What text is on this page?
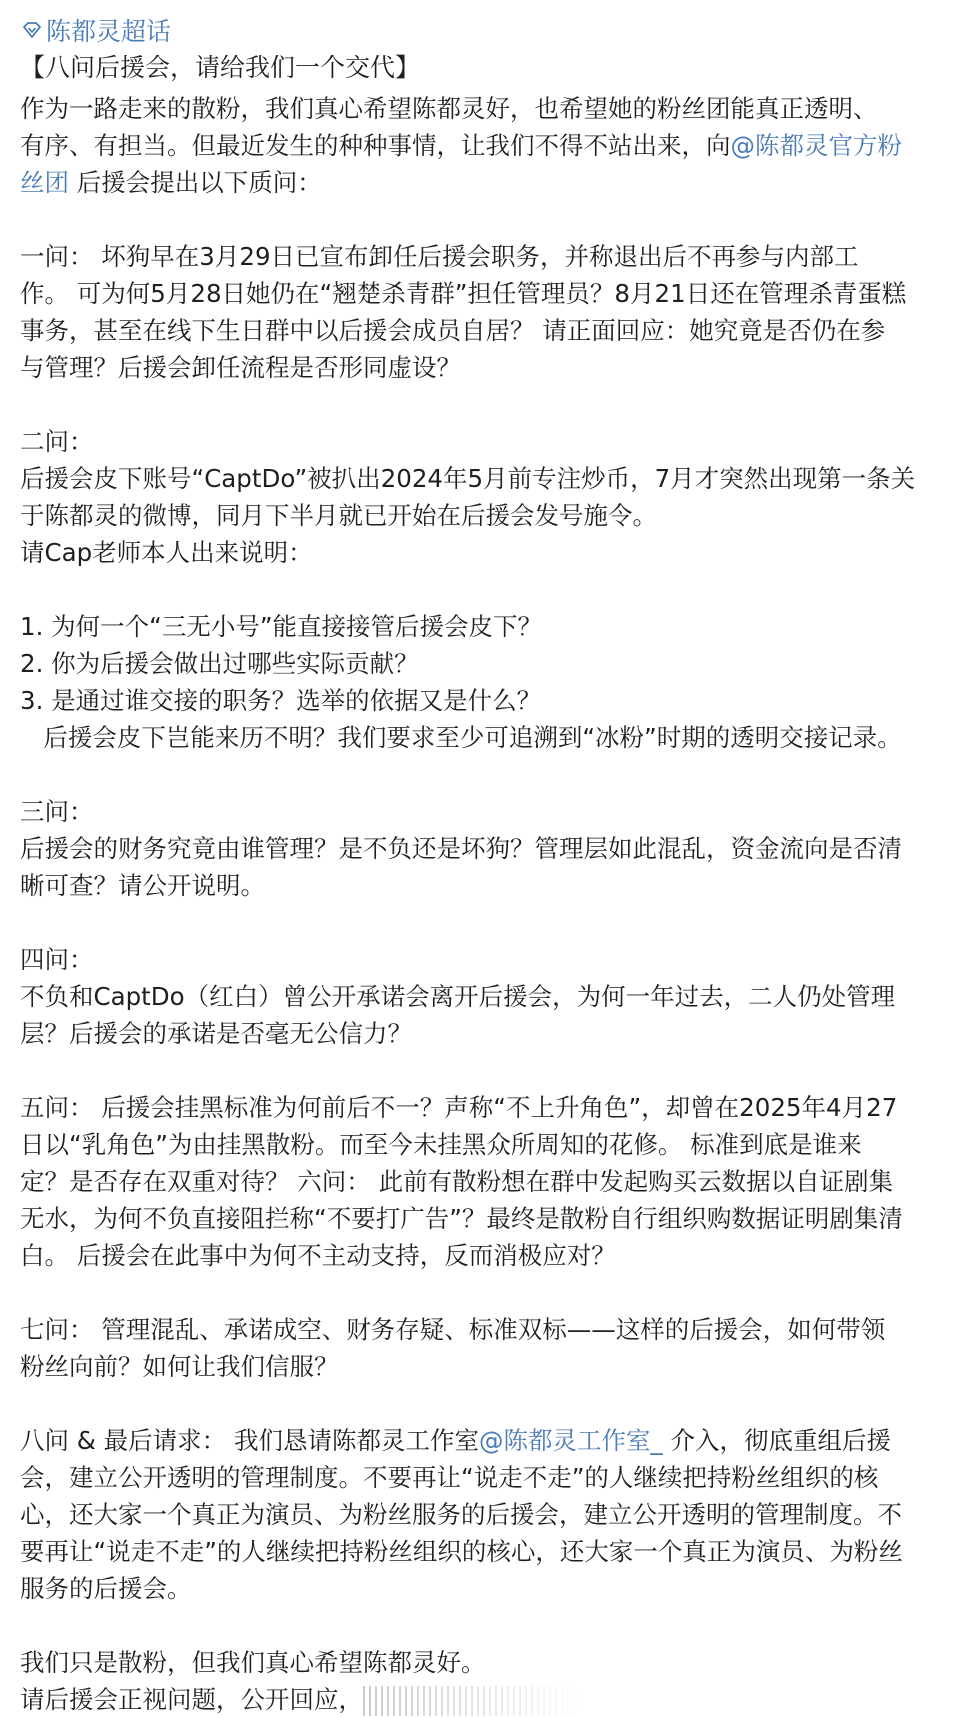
陈都灵超话
【八问后援会，请给我们一个交代】
作为一路走来的散粉，我们真心希望陈都灵好，也希望她的粉丝团能真正透明、
有序、有担当。但最近发生的种种事情，让我们不得不站出来，向@陈都灵官方粉
丝团 后援会提出以下质问：
一问： 坏狗早在3月29日已宣布卸任后援会职务，并称退出后不再参与内部工
作。 可为何5月28日她仍在“翘楚杀青群”担任管理员？8月21日还在管理杀青蛋糕
事务，甚至在线下生日群中以后援会成员自居？ 请正面回应：她究竟是否仍在参
与管理？后援会卸任流程是否形同虚设？
二问：
后援会皮下账号“CaptDo”被扒出2024年5月前专注炒币，7月才突然出现第一条关
于陈都灵的微博，同月下半月就已开始在后援会发号施令。
请Cap老师本人出来说明：
1. 为何一个“三无小号”能直接接管后援会皮下？
2. 你为后援会做出过哪些实际贡献？
3. 是通过谁交接的职务？选举的依据又是什么？
后援会皮下岂能来历不明？我们要求至少可追溯到“冰粉”时期的透明交接记录。
三问：
后援会的财务究竟由谁管理？是不负还是坏狗？管理层如此混乱，资金流向是否清
晰可查？请公开说明。
四问：
不负和CaptDo（红白）曾公开承诺会离开后援会，为何一年过去，二人仍处管理
层？后援会的承诺是否毫无公信力？
五问： 后援会挂黑标准为何前后不一？声称“不上升角色”，却曾在2025年4月27
日以“乳角色”为由挂黑散粉。而至今未挂黑众所周知的花修。 标准到底是谁来
定？是否存在双重对待？ 六问： 此前有散粉想在群中发起购买云数据以自证剧集
无水，为何不负直接阻拦称“不要打广告”？最终是散粉自行组织购数据证明剧集清
白。 后援会在此事中为何不主动支持，反而消极应对？
七问： 管理混乱、承诺成空、财务存疑、标准双标——这样的后援会，如何带领
粉丝向前？如何让我们信服？
八问 & 最后请求： 我们恳请陈都灵工作室@陈都灵工作室_ 介入，彻底重组后援
会，建立公开透明的管理制度。不要再让“说走不走”的人继续把持粉丝组织的核
心，还大家一个真正为演员、为粉丝服务的后援会，建立公开透明的管理制度。不
要再让“说走不走”的人继续把持粉丝组织的核心，还大家一个真正为演员、为粉丝
服务的后援会。
我们只是散粉，但我们真心希望陈都灵好。
请后援会正视问题，公开回应，
